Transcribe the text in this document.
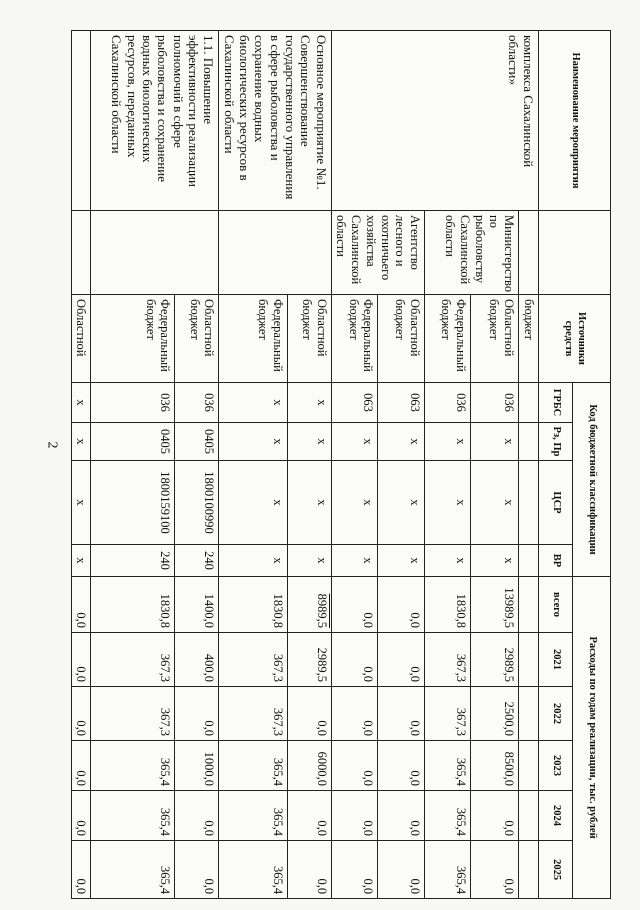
2
Наименование мероприятия		Источники средств	Код бюджетной классификации				Расходы по годам реализации, тыс. рублей					
			ГРБС	Рз, Пр	ЦСР	ВР	всего	2021	2022	2023	2024	2025
комплекса Сахалинской области»		бюджет										
	Министерство по рыболовству Сахалинской области	Областной бюджет	036	х	х	х	13989,5	2989,5	2500,0	8500,0	0,0	0,0
		Федеральный бюджет	036	х	х	х	1830,8	367,3	367,3	365,4	365,4	365,4
	Агентство лесного и охотничьего хозяйства Сахалинской области	Областной бюджет	063	х	х	х	0,0	0,0	0,0	0,0	0,0	0,0
		Федеральный бюджет	063	х	х	х	0,0	0,0	0,0	0,0	0,0	0,0
Основное мероприятие №1. Совершенствование государственного управления в сфере рыболовства и сохранение водных биологических ресурсов в Сахалинской области		Областной бюджет	х	х	х	х	8989,5	2989,5	0,0	6000,0	0,0	0,0
		Федеральный бюджет	х	х	х	х	1830,8	367,3	367,3	365,4	365,4	365,4
1.1. Повышение эффективности реализации полномочий в сфере рыболовства и сохранение водных биологических ресурсов, переданных Сахалинской области		Областной бюджет	036	0405	1800100990	240	1400,0	400,0	0,0	1000,0	0,0	0,0
		Федеральный бюджет	036	0405	1800159100	240	1830,8	367,3	367,3	365,4	365,4	365,4
		Областной	х	х	х	х	0,0	0,0	0,0	0,0	0,0	0,0
